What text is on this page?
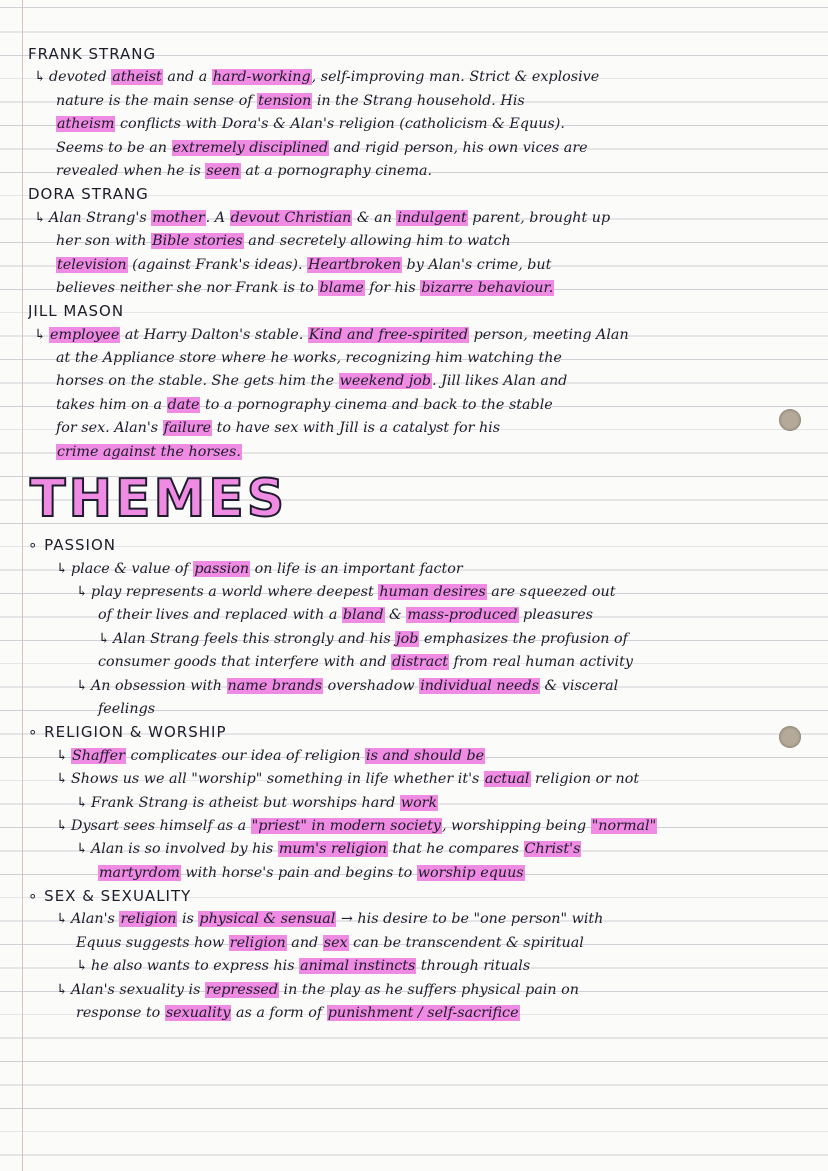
FRANK STRANG
↳ devoted atheist and a hard-working, self-improving man. Strict & explosive
nature is the main sense of tension in the Strang household. His
atheism conflicts with Dora's & Alan's religion (catholicism & Equus).
Seems to be an extremely disciplined and rigid person, his own vices are
revealed when he is seen at a pornography cinema.
DORA STRANG
↳ Alan Strang's mother. A devout Christian & an indulgent parent, brought up
her son with Bible stories and secretely allowing him to watch
television (against Frank's ideas). Heartbroken by Alan's crime, but
believes neither she nor Frank is to blame for his bizarre behaviour.
JILL MASON
↳ employee at Harry Dalton's stable. Kind and free-spirited person, meeting Alan
at the Appliance store where he works, recognizing him watching the
horses on the stable. She gets him the weekend job. Jill likes Alan and
takes him on a date to a pornography cinema and back to the stable
for sex. Alan's failure to have sex with Jill is a catalyst for his
crime against the horses.
THEMES
∘ PASSION
↳ place & value of passion on life is an important factor
↳ play represents a world where deepest human desires are squeezed out
of their lives and replaced with a bland & mass-produced pleasures
↳ Alan Strang feels this strongly and his job emphasizes the profusion of
consumer goods that interfere with and distract from real human activity
↳ An obsession with name brands overshadow individual needs & visceral
feelings
∘ RELIGION & WORSHIP
↳ Shaffer complicates our idea of religion is and should be
↳ Shows us we all "worship" something in life whether it's actual religion or not
↳ Frank Strang is atheist but worships hard work
↳ Dysart sees himself as a "priest" in modern society, worshipping being "normal"
↳ Alan is so involved by his mum's religion that he compares Christ's
martyrdom with horse's pain and begins to worship equus
∘ SEX & SEXUALITY
↳ Alan's religion is physical & sensual → his desire to be "one person" with
Equus suggests how religion and sex can be transcendent & spiritual
↳ he also wants to express his animal instincts through rituals
↳ Alan's sexuality is repressed in the play as he suffers physical pain on
response to sexuality as a form of punishment / self-sacrifice
